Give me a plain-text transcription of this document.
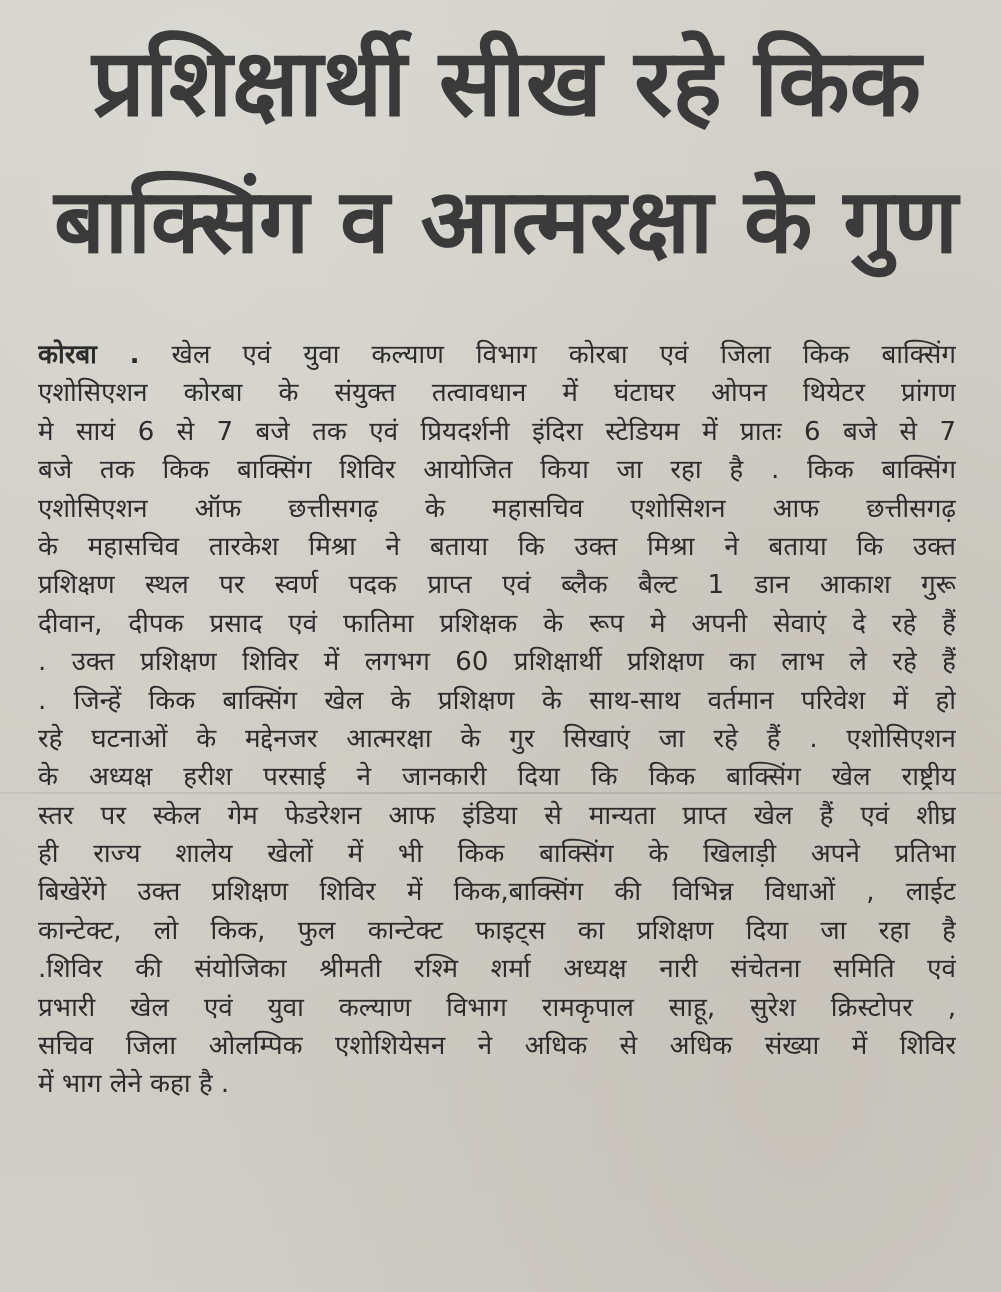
प्रशिक्षार्थी सीख रहे किक
बाक्सिंग व आत्मरक्षा के गुण
कोरबा . खेल एवं युवा कल्याण विभाग कोरबा एवं जिला किक बाक्सिंग
एशोसिएशन कोरबा के संयुक्त तत्वावधान में घंटाघर ओपन थियेटर प्रांगण
मे सायं 6 से 7 बजे तक एवं प्रियदर्शनी इंदिरा स्टेडियम में प्रातः 6 बजे से 7
बजे तक किक बाक्सिंग शिविर आयोजित किया जा रहा है . किक बाक्सिंग
एशोसिएशन ऑफ छत्तीसगढ़ के महासचिव एशोसिशन आफ छत्तीसगढ़
के महासचिव तारकेश मिश्रा ने बताया कि उक्त मिश्रा ने बताया कि उक्त
प्रशिक्षण स्थल पर स्वर्ण पदक प्राप्त एवं ब्लैक बैल्ट 1 डान आकाश गुरू
दीवान, दीपक प्रसाद एवं फातिमा प्रशिक्षक के रूप मे अपनी सेवाएं दे रहे हैं
. उक्त प्रशिक्षण शिविर में लगभग 60 प्रशिक्षार्थी प्रशिक्षण का लाभ ले रहे हैं
. जिन्हें किक बाक्सिंग खेल के प्रशिक्षण के साथ-साथ वर्तमान परिवेश में हो
रहे घटनाओं के मद्देनजर आत्मरक्षा के गुर सिखाएं जा रहे हैं . एशोसिएशन
के अध्यक्ष हरीश परसाई ने जानकारी दिया कि किक बाक्सिंग खेल राष्ट्रीय
स्तर पर स्केल गेम फेडरेशन आफ इंडिया से मान्यता प्राप्त खेल हैं एवं शीघ्र
ही राज्य शालेय खेलों में भी किक बाक्सिंग के खिलाड़ी अपने प्रतिभा
बिखेरेंगे उक्त प्रशिक्षण शिविर में किक,बाक्सिंग की विभिन्न विधाओं , लाईट
कान्टेक्ट, लो किक, फुल कान्टेक्ट फाइट्स का प्रशिक्षण दिया जा रहा है
.शिविर की संयोजिका श्रीमती रश्मि शर्मा अध्यक्ष नारी संचेतना समिति एवं
प्रभारी खेल एवं युवा कल्याण विभाग रामकृपाल साहू, सुरेश क्रिस्टोपर ,
सचिव जिला ओलम्पिक एशोशियेसन ने अधिक से अधिक संख्या में शिविर
में भाग लेने कहा है .
